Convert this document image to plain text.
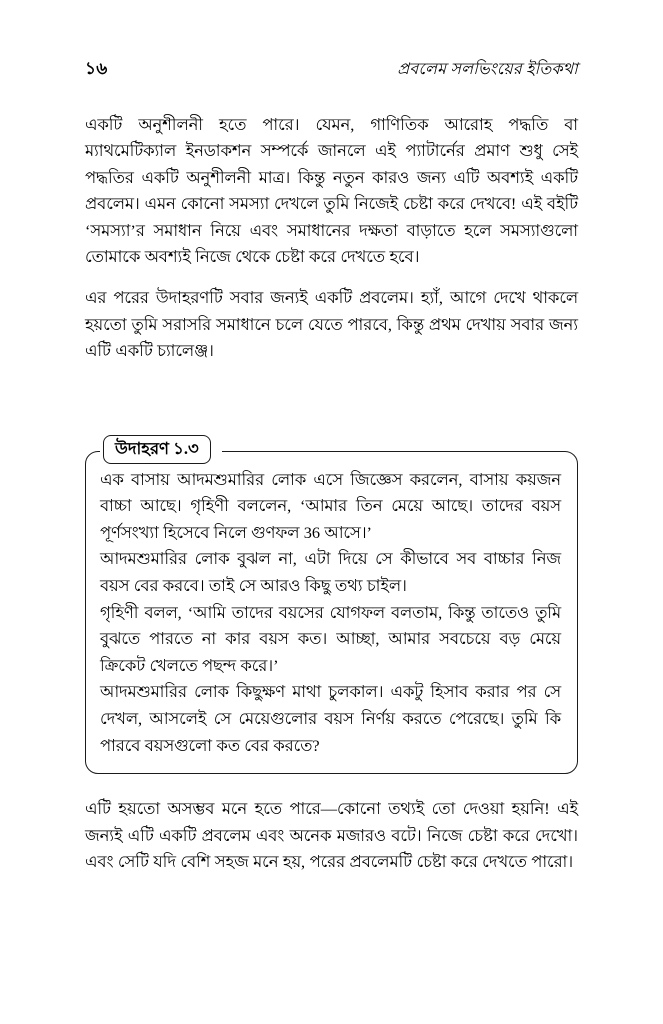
১৬	প্রবলেম সলভিংয়ের ইতিকথা

একটি অনুশীলনী হতে পারে। যেমন, গাণিতিক আরোহ পদ্ধতি বা ম্যাথমেটিক্যাল ইনডাকশন সম্পর্কে জানলে এই প্যাটার্নের প্রমাণ শুধু সেই পদ্ধতির একটি অনুশীলনী মাত্র। কিন্তু নতুন কারও জন্য এটি অবশ্যই একটি প্রবলেম। এমন কোনো সমস্যা দেখলে তুমি নিজেই চেষ্টা করে দেখবে! এই বইটি ‘সমস্যা’র সমাধান নিয়ে এবং সমাধানের দক্ষতা বাড়াতে হলে সমস্যাগুলো তোমাকে অবশ্যই নিজে থেকে চেষ্টা করে দেখতে হবে।

এর পরের উদাহরণটি সবার জন্যই একটি প্রবলেম। হ্যাঁ, আগে দেখে থাকলে হয়তো তুমি সরাসরি সমাধানে চলে যেতে পারবে, কিন্তু প্রথম দেখায় সবার জন্য এটি একটি চ্যালেঞ্জ।

উদাহরণ ১.৩

এক বাসায় আদমশুমারির লোক এসে জিজ্ঞেস করলেন, বাসায় কয়জন বাচ্চা আছে। গৃহিণী বললেন, ‘আমার তিন মেয়ে আছে। তাদের বয়স পূর্ণসংখ্যা হিসেবে নিলে গুণফল 36 আসে।’

আদমশুমারির লোক বুঝল না, এটা দিয়ে সে কীভাবে সব বাচ্চার নিজ বয়স বের করবে। তাই সে আরও কিছু তথ্য চাইল।

গৃহিণী বলল, ‘আমি তাদের বয়সের যোগফল বলতাম, কিন্তু তাতেও তুমি বুঝতে পারতে না কার বয়স কত। আচ্ছা, আমার সবচেয়ে বড় মেয়ে ক্রিকেট খেলতে পছন্দ করে।’

আদমশুমারির লোক কিছুক্ষণ মাথা চুলকাল। একটু হিসাব করার পর সে দেখল, আসলেই সে মেয়েগুলোর বয়স নির্ণয় করতে পেরেছে। তুমি কি পারবে বয়সগুলো কত বের করতে?

এটি হয়তো অসম্ভব মনে হতে পারে—কোনো তথ্যই তো দেওয়া হয়নি! এই জন্যই এটি একটি প্রবলেম এবং অনেক মজারও বটে। নিজে চেষ্টা করে দেখো। এবং সেটি যদি বেশি সহজ মনে হয়, পরের প্রবলেমটি চেষ্টা করে দেখতে পারো।
